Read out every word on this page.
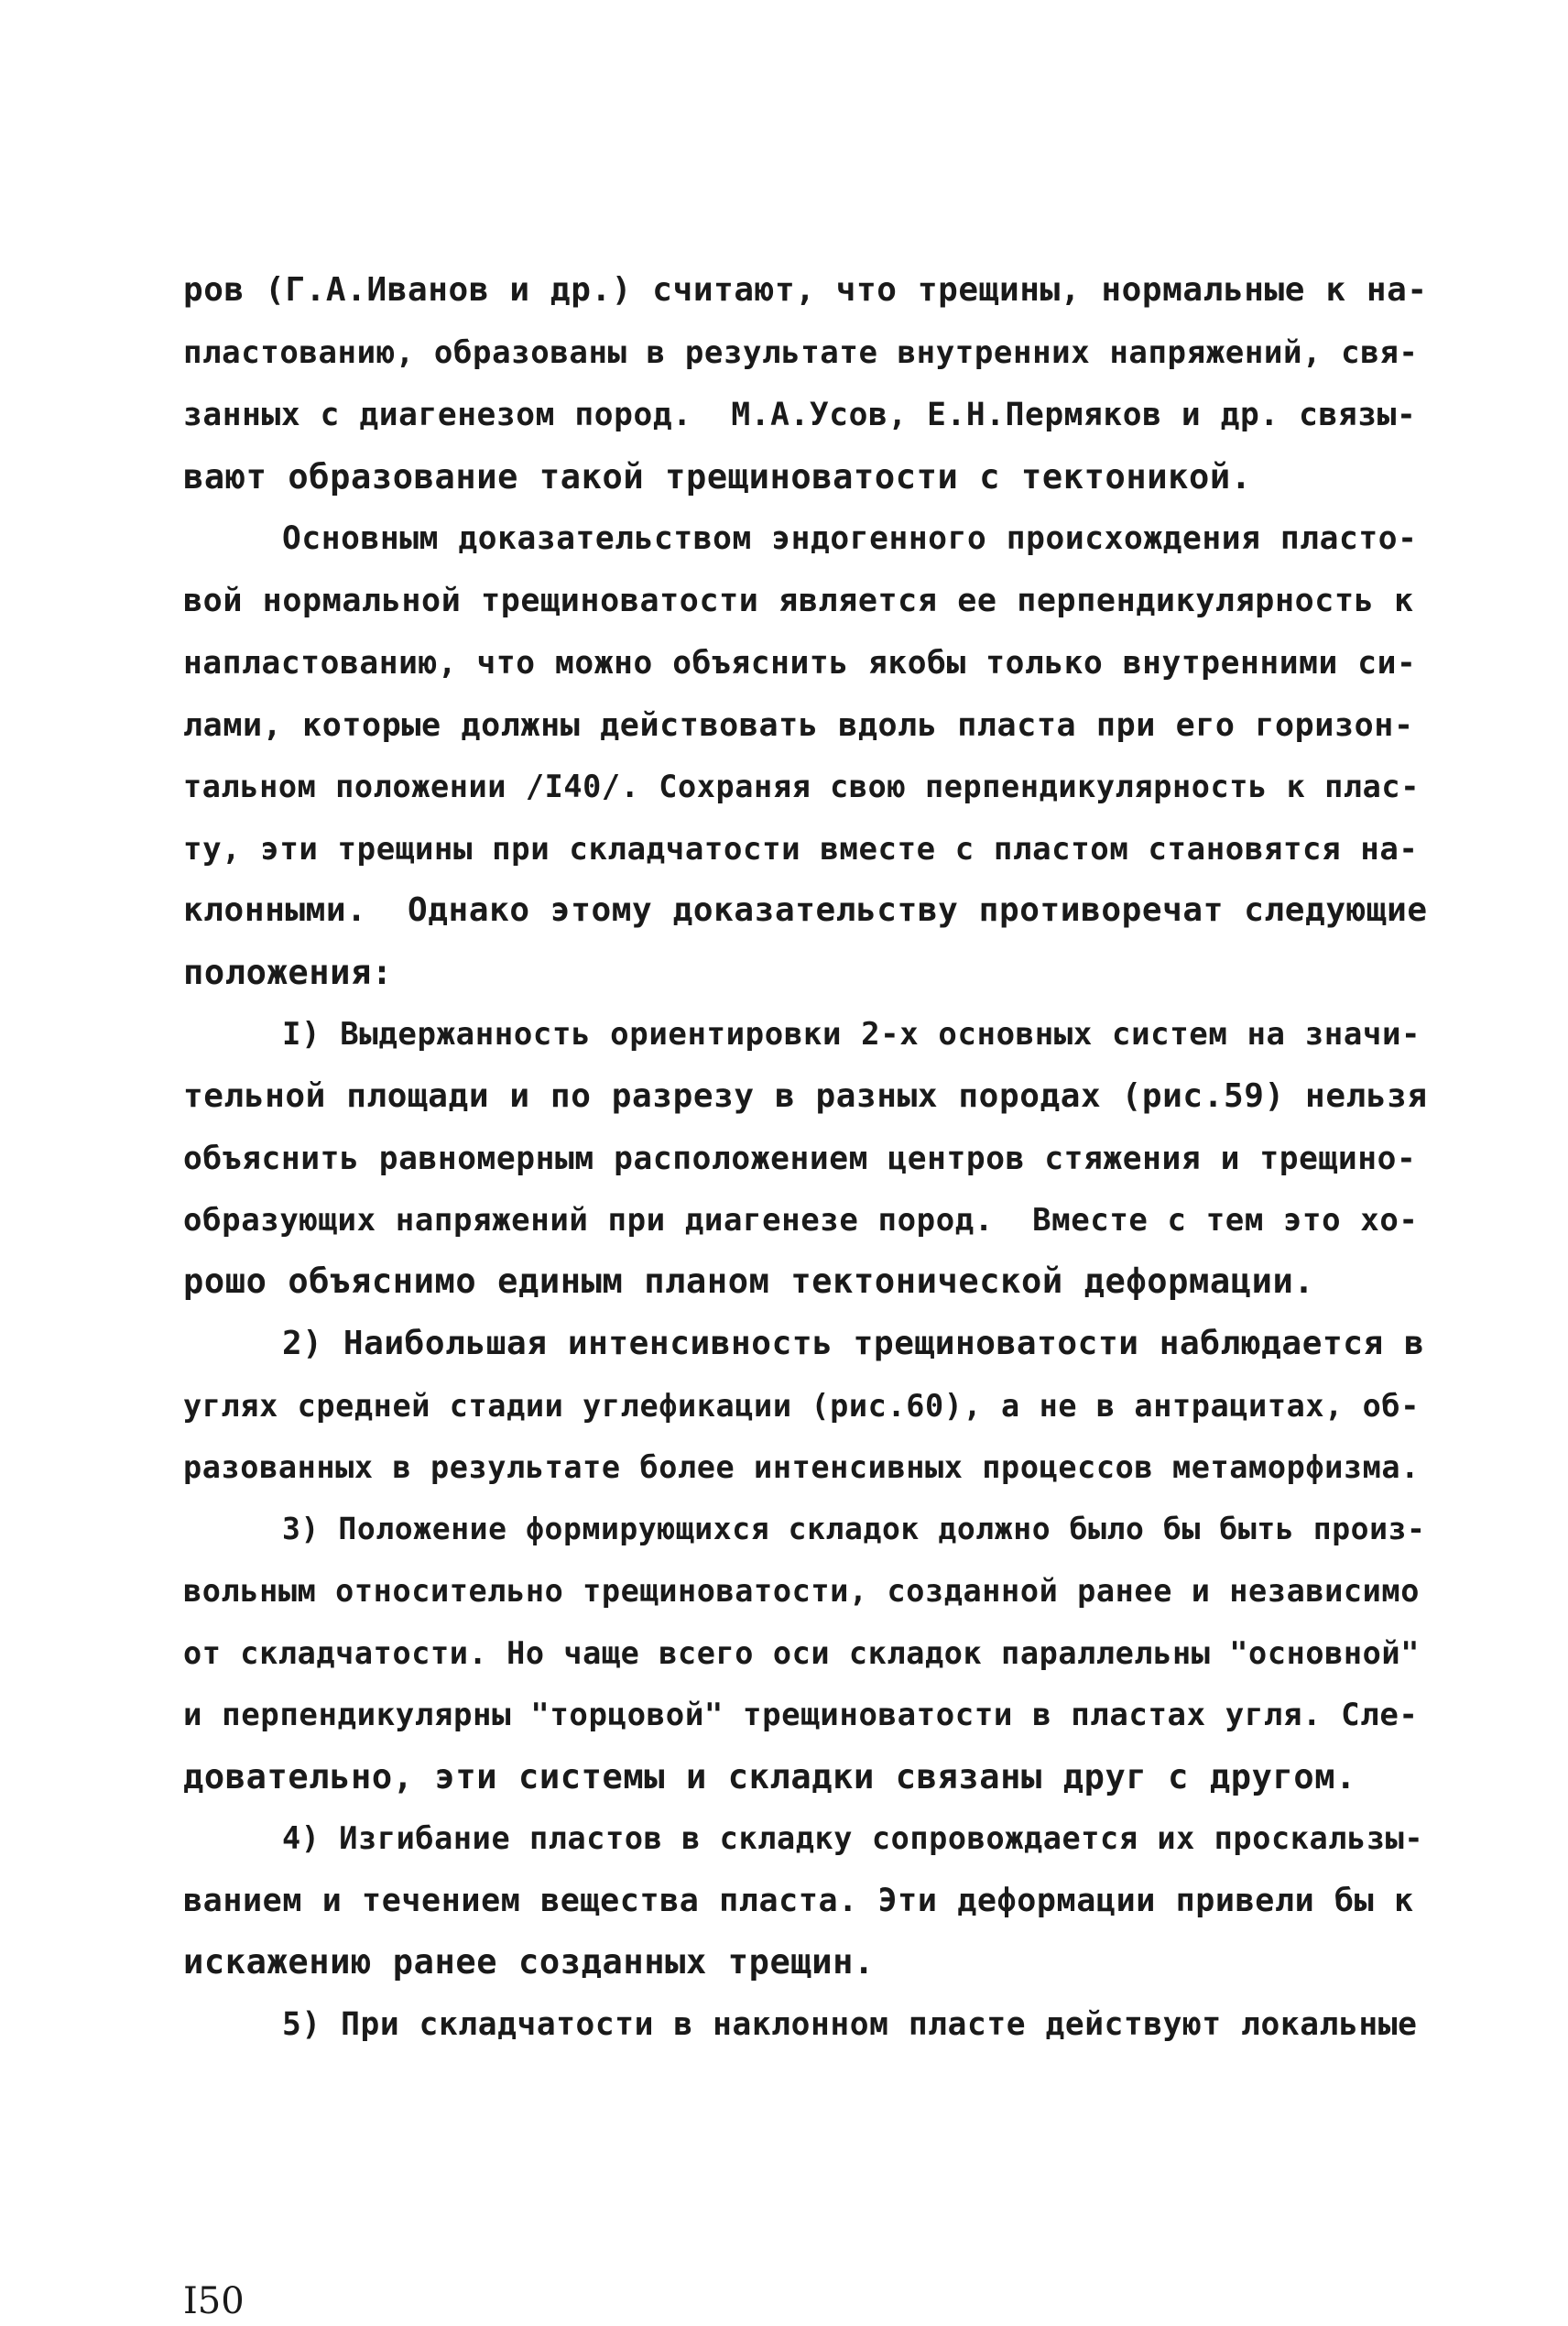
ров (Г.А.Иванов и др.) считают, что трещины, нормальные к на-
пластованию, образованы в результате внутренних напряжений, свя-
занных с диагенезом пород.  М.А.Усов, Е.Н.Пермяков и др. связы-
вают образование такой трещиноватости с тектоникой.
Основным доказательством эндогенного происхождения пласто-
вой нормальной трещиноватости является ее перпендикулярность к
напластованию, что можно объяснить якобы только внутренними си-
лами, которые должны действовать вдоль пласта при его горизон-
тальном положении /I40/. Сохраняя свою перпендикулярность к плас-
ту, эти трещины при складчатости вместе с пластом становятся на-
клонными.  Однако этому доказательству противоречат следующие
положения:
I) Выдержанность ориентировки 2-х основных систем на значи-
тельной площади и по разрезу в разных породах (рис.59) нельзя
объяснить равномерным расположением центров стяжения и трещино-
образующих напряжений при диагенезе пород.  Вместе с тем это хо-
рошо объяснимо единым планом тектонической деформации.
2) Наибольшая интенсивность трещиноватости наблюдается в
углях средней стадии углефикации (рис.60), а не в антрацитах, об-
разованных в результате более интенсивных процессов метаморфизма.
3) Положение формирующихся складок должно было бы быть произ-
вольным относительно трещиноватости, созданной ранее и независимо
от складчатости. Но чаще всего оси складок параллельны "основной"
и перпендикулярны "торцовой" трещиноватости в пластах угля. Сле-
довательно, эти системы и складки связаны друг с другом.
4) Изгибание пластов в складку сопровождается их проскальзы-
ванием и течением вещества пласта. Эти деформации привели бы к
искажению ранее созданных трещин.
5) При складчатости в наклонном пласте действуют локальные
I50
